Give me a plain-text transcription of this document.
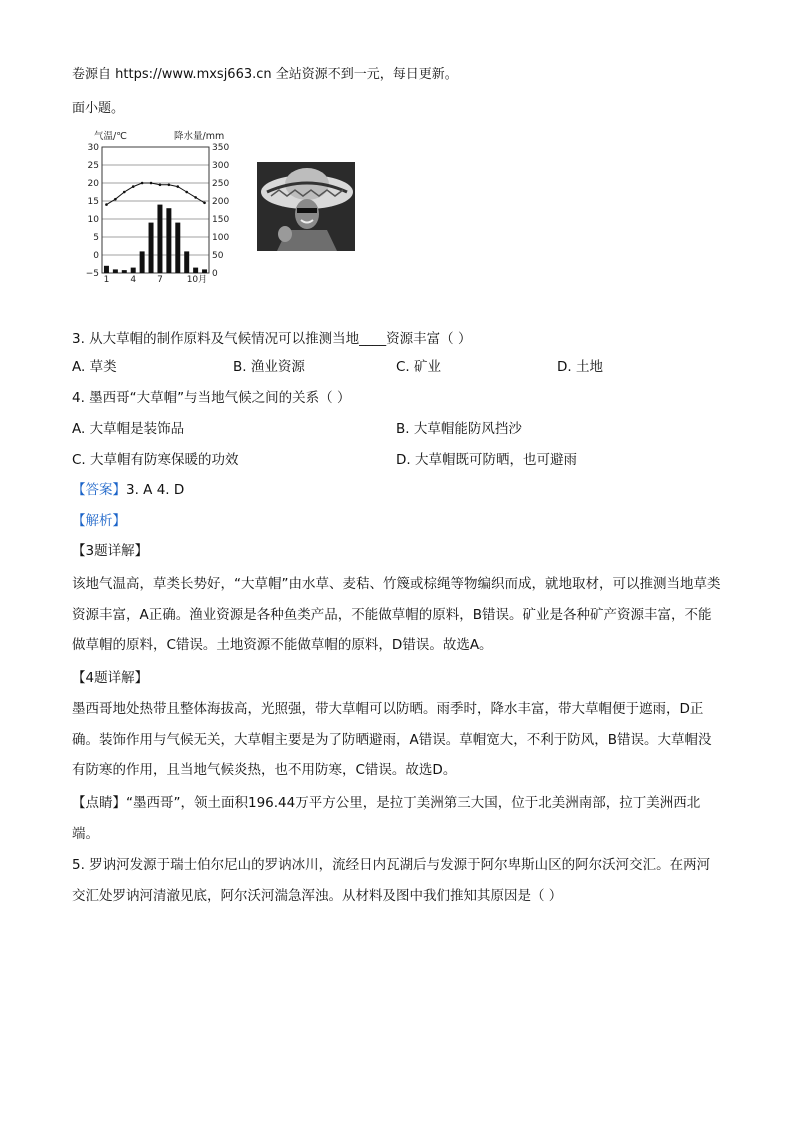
卷源自 https://www.mxsj663.cn 全站资源不到一元，每日更新。
面小题。
气温/℃	降水量/mm
30	350
25	300
20	250
15	200
10	150
5	100
0	50
−5	0
1 4 7	10月
3. 从大草帽的制作原料及气候情况可以推测当地____资源丰富（ ）
A. 草类	B. 渔业资源	C. 矿业	D. 土地
4. 墨西哥“大草帽”与当地气候之间的关系（ ）
A. 大草帽是装饰品	B. 大草帽能防风挡沙
C. 大草帽有防寒保暖的功效	D. 大草帽既可防晒，也可避雨
【答案】3. A 4. D
【解析】
【3题详解】
该地气温高，草类长势好，“大草帽”由水草、麦秸、竹篾或棕绳等物编织而成，就地取材，可以推测当地草类资源丰富，A正确。渔业资源是各种鱼类产品，不能做草帽的原料，B错误。矿业是各种矿产资源丰富，不能做草帽的原料，C错误。土地资源不能做草帽的原料，D错误。故选A。
【4题详解】
墨西哥地处热带且整体海拔高，光照强，带大草帽可以防晒。雨季时，降水丰富，带大草帽便于遮雨，D正确。装饰作用与气候无关，大草帽主要是为了防晒避雨，A错误。草帽宽大，不利于防风，B错误。大草帽没有防寒的作用，且当地气候炎热，也不用防寒，C错误。故选D。
【点睛】“墨西哥”，领土面积196.44万平方公里，是拉丁美洲第三大国，位于北美洲南部，拉丁美洲西北端。
5. 罗讷河发源于瑞士伯尔尼山的罗讷冰川，流经日内瓦湖后与发源于阿尔卑斯山区的阿尔沃河交汇。在两河交汇处罗讷河清澈见底，阿尔沃河湍急浑浊。从材料及图中我们推知其原因是（ ）
